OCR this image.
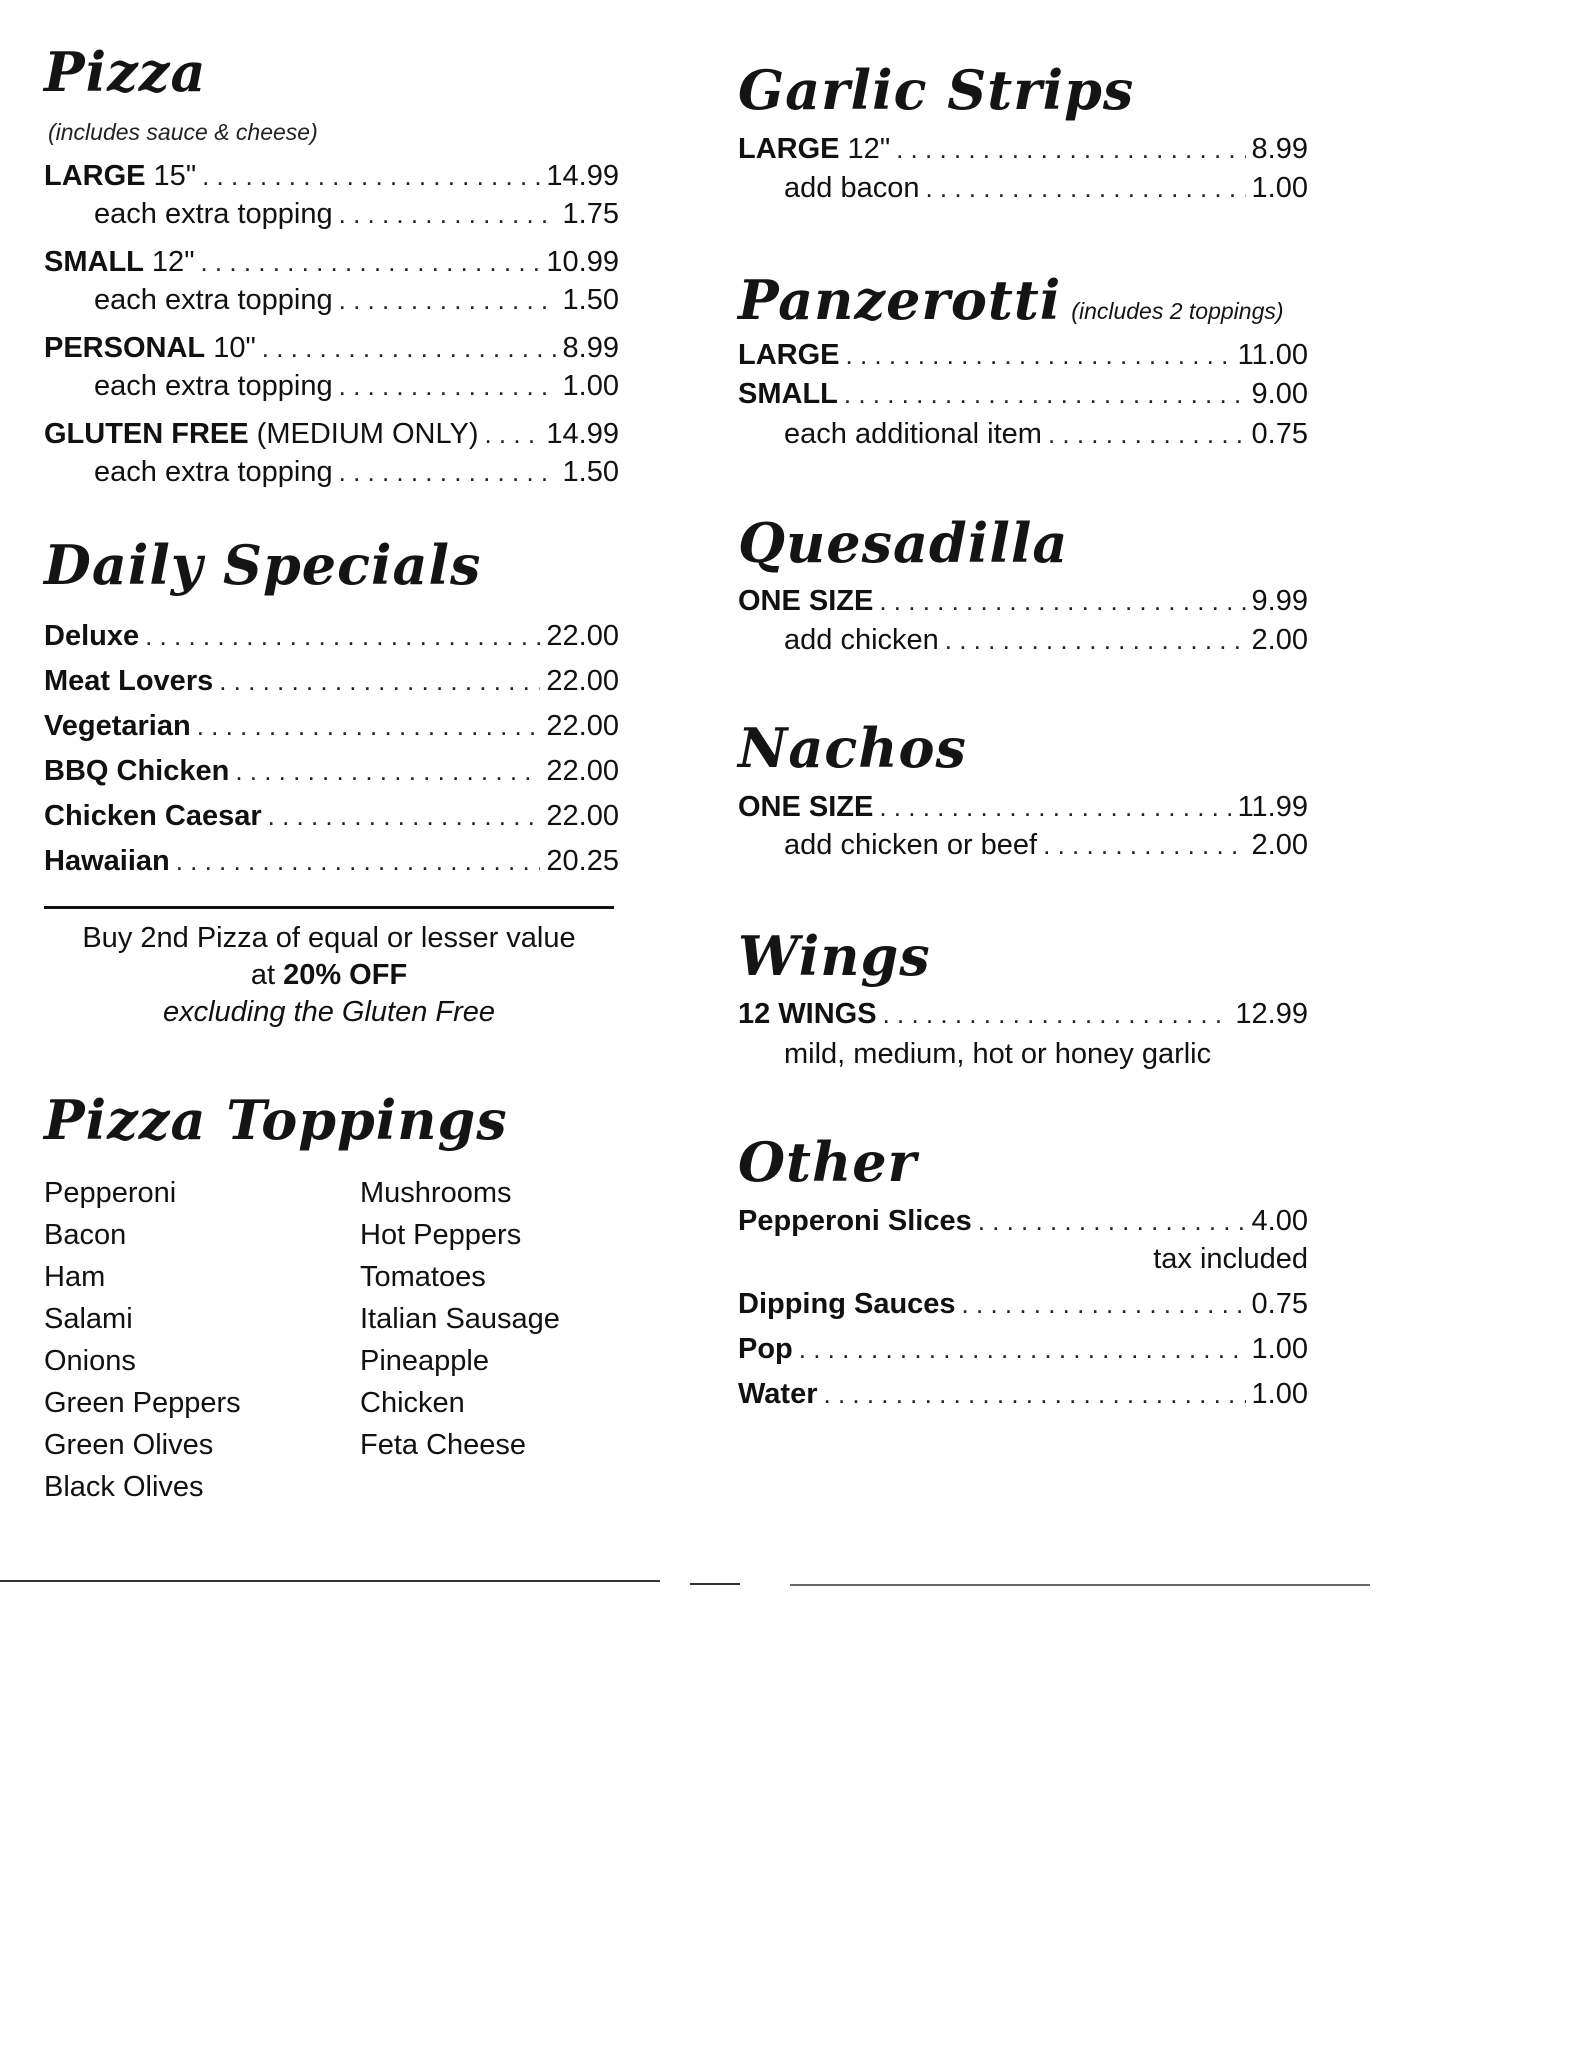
Pizza
(includes sauce & cheese)
LARGE 15" . . .	14.99
each extra topping . . .	1.75
SMALL 12" . . .	10.99
each extra topping . . .	1.50
PERSONAL 10" . . .	8.99
each extra topping . . .	1.00
GLUTEN FREE (MEDIUM ONLY) . . . 14.99
each extra topping . . .	1.50
Daily Specials
Deluxe . . .	22.00
Meat Lovers . . .	22.00
Vegetarian . . .	22.00
BBQ Chicken . . .	22.00
Chicken Caesar . . .	22.00
Hawaiian . . .	20.25
Buy 2nd Pizza of equal or lesser value
at 20% OFF
excluding the Gluten Free
Pizza Toppings
Pepperoni
Bacon
Ham
Salami
Onions
Green Peppers
Green Olives
Black Olives
Mushrooms
Hot Peppers
Tomatoes
Italian Sausage
Pineapple
Chicken
Feta Cheese
Garlic Strips
LARGE 12" . . .	8.99
add bacon . . .	1.00
Panzerotti (includes 2 toppings)
LARGE . . .	11.00
SMALL . . .	9.00
each additional item . . .	0.75
Quesadilla
ONE SIZE . . .	9.99
add chicken . . .	2.00
Nachos
ONE SIZE . . .	11.99
add chicken or beef . . .	2.00
Wings
12 WINGS . . .	12.99
mild, medium, hot or honey garlic
Other
Pepperoni Slices . . .	4.00
tax included
Dipping Sauces . . .	0.75
Pop . . .	1.00
Water . . .	1.00
